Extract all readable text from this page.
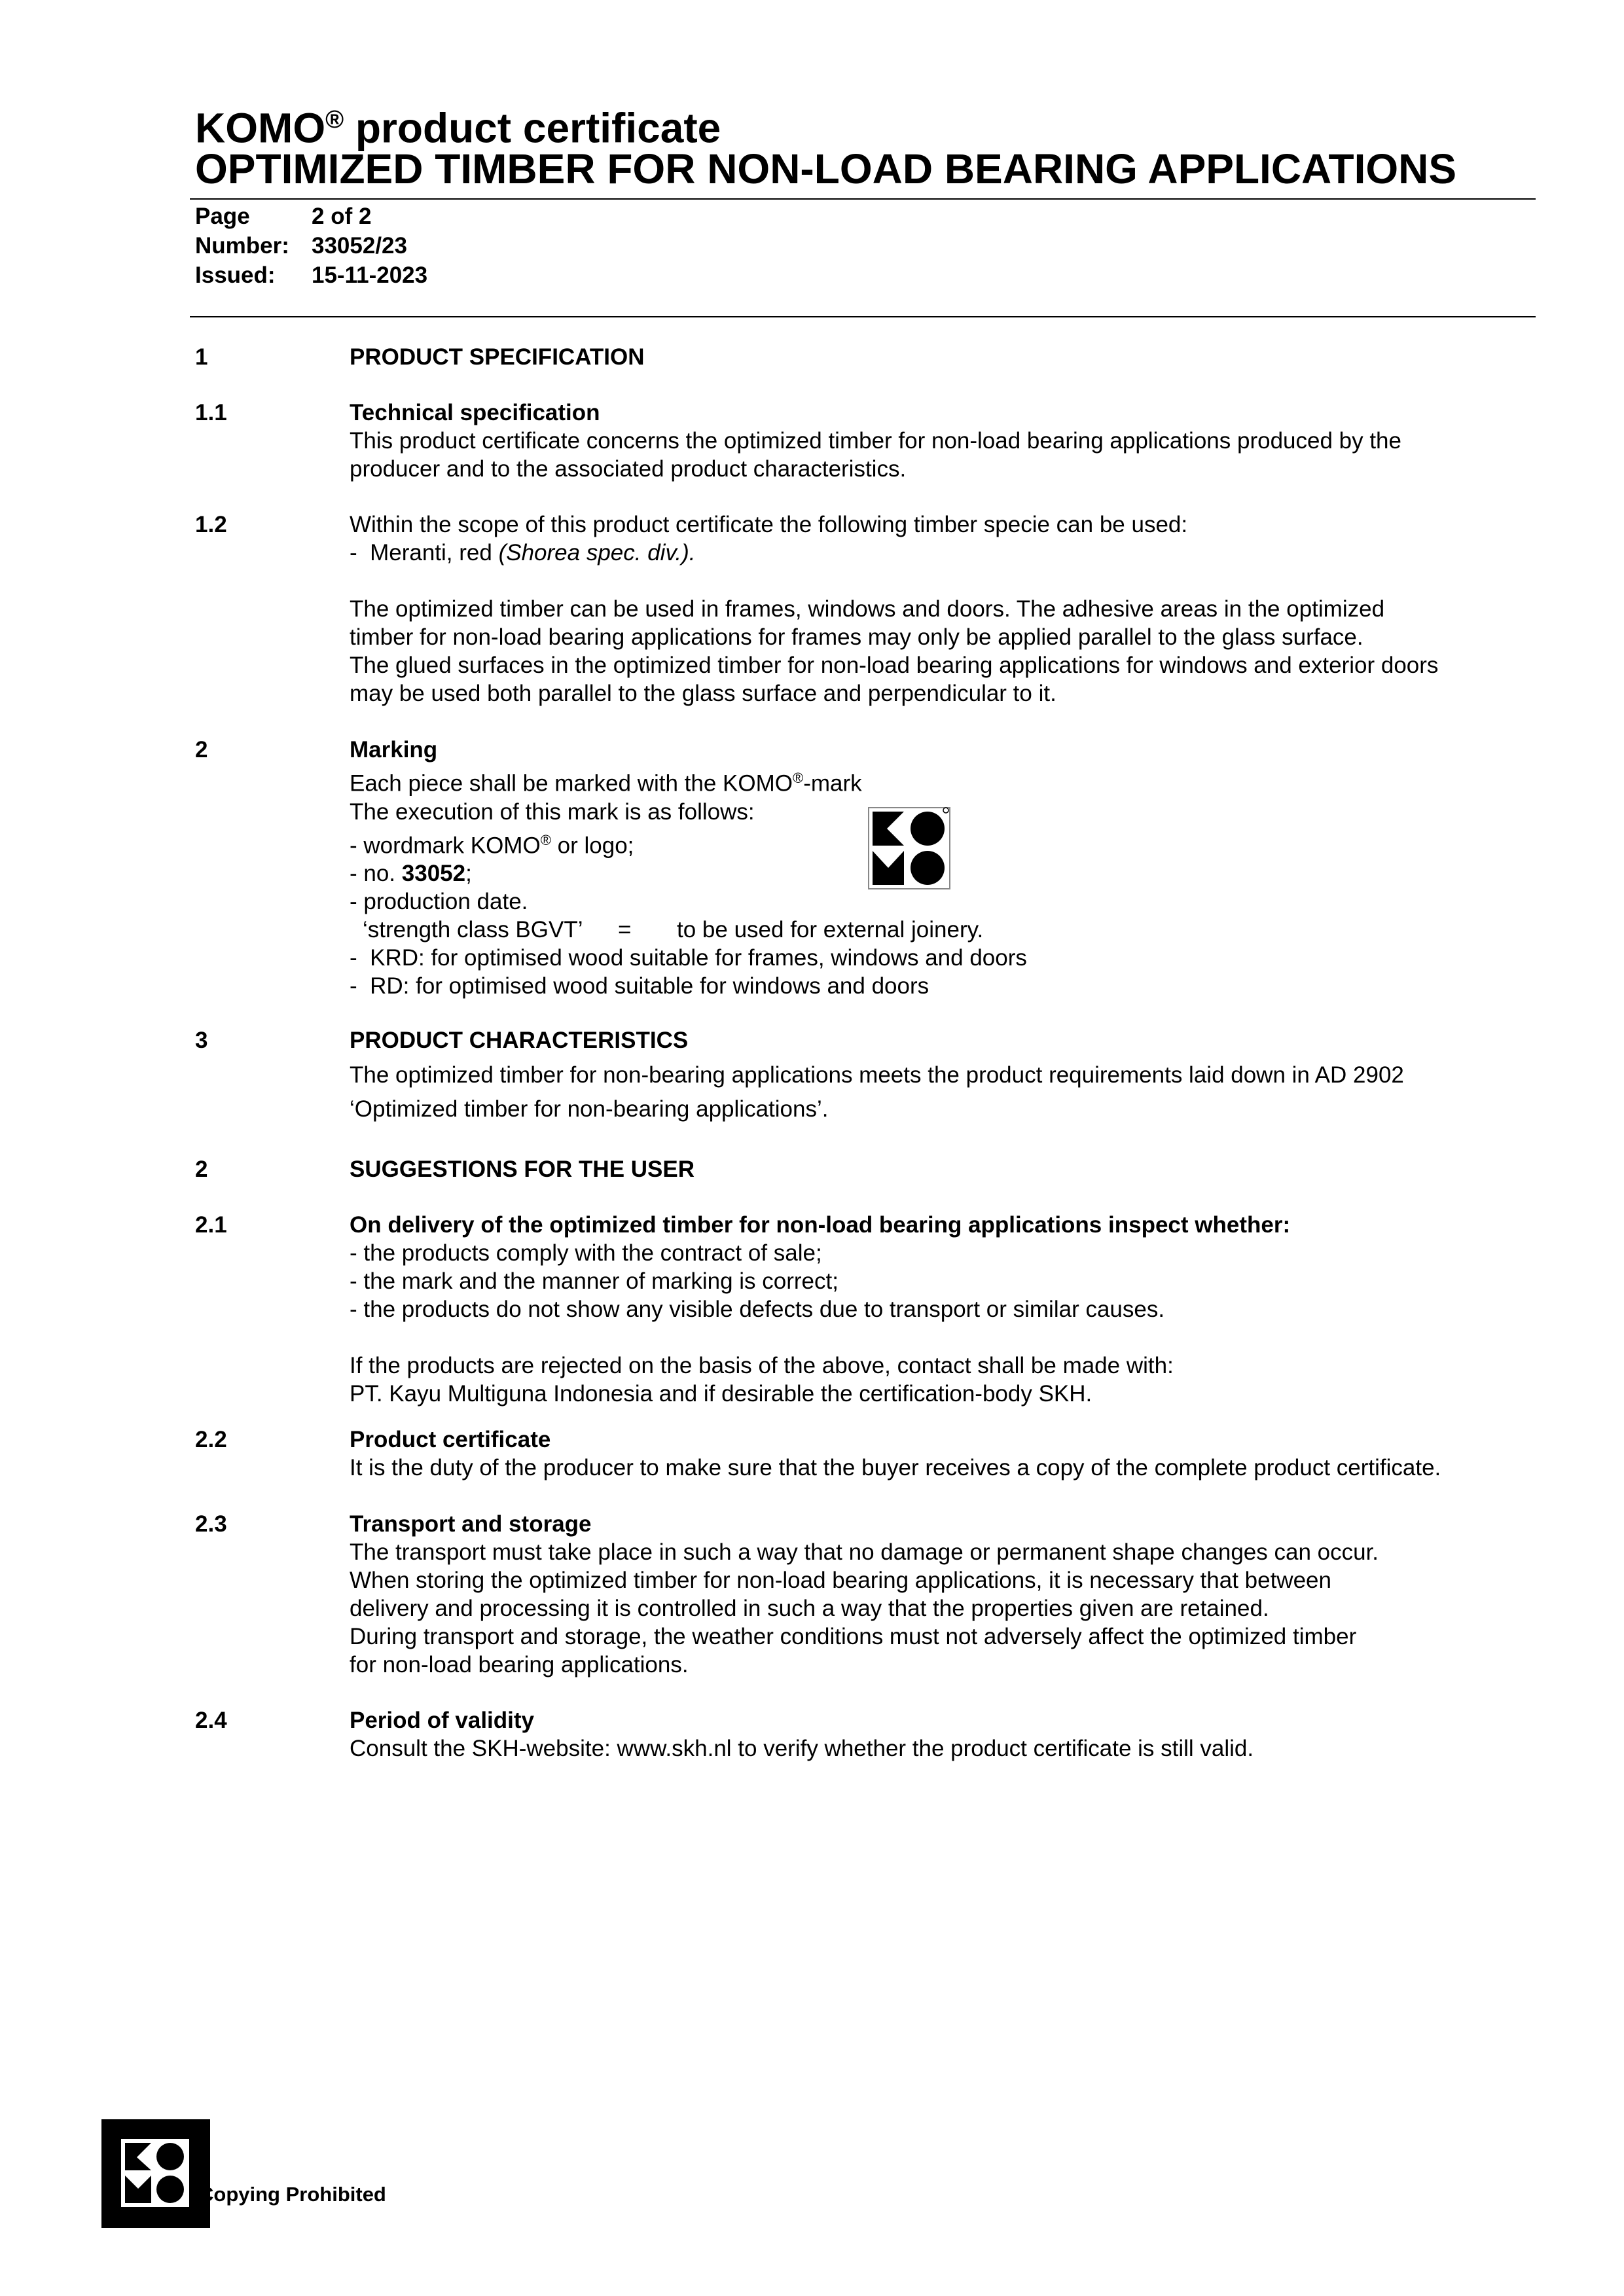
KOMO® product certificate
OPTIMIZED TIMBER FOR NON-LOAD BEARING APPLICATIONS
Page	2 of 2
Number: 33052/23
Issued:	15-11-2023
1	PRODUCT SPECIFICATION

1.1	Technical specification

This product certificate concerns the optimized timber for non-load bearing applications produced by the

producer and to the associated product characteristics.

1.2	Within the scope of this product certificate the following timber specie can be used:

-  Meranti, red (Shorea spec. div.).

The optimized timber can be used in frames, windows and doors. The adhesive areas in the optimized

timber for non-load bearing applications for frames may only be applied parallel to the glass surface.

The glued surfaces in the optimized timber for non-load bearing applications for windows and exterior doors

may be used both parallel to the glass surface and perpendicular to it.

2	Marking

Each piece shall be marked with the KOMO®-mark

The execution of this mark is as follows:

- wordmark KOMO® or logo;

- no. 33052;

- production date.

‘strength class BGVT’ = to be used for external joinery.

-  KRD: for optimised wood suitable for frames, windows and doors

-  RD: for optimised wood suitable for windows and doors

3	PRODUCT CHARACTERISTICS

The optimized timber for non-bearing applications meets the product requirements laid down in AD 2902

‘Optimized timber for non-bearing applications’.

2	SUGGESTIONS FOR THE USER

2.1	On delivery of the optimized timber for non-load bearing applications inspect whether:

- the products comply with the contract of sale;

- the mark and the manner of marking is correct;

- the products do not show any visible defects due to transport or similar causes.

If the products are rejected on the basis of the above, contact shall be made with:

PT. Kayu Multiguna Indonesia and if desirable the certification-body SKH.

2.2	Product certificate

It is the duty of the producer to make sure that the buyer receives a copy of the complete product certificate.

2.3	Transport and storage

The transport must take place in such a way that no damage or permanent shape changes can occur.

When storing the optimized timber for non-load bearing applications, it is necessary that between

delivery and processing it is controlled in such a way that the properties given are retained.

During transport and storage, the weather conditions must not adversely affect the optimized timber

for non-load bearing applications.

2.4	Period of validity

Consult the SKH-website: www.skh.nl to verify whether the product certificate is still valid.

Copying Prohibited
